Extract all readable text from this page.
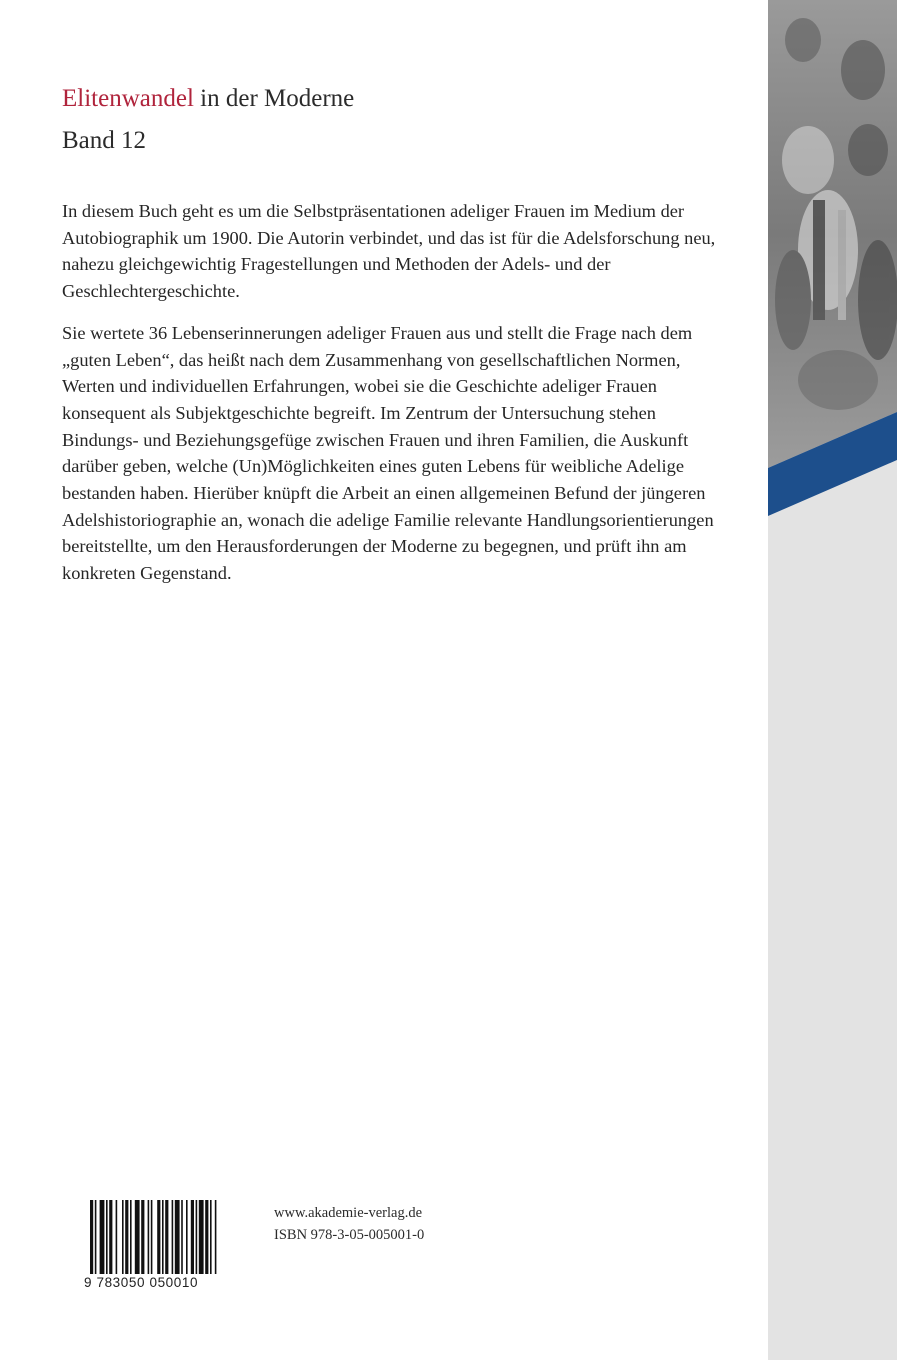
Elitenwandel in der Moderne
Band 12

In diesem Buch geht es um die Selbstpräsentationen adeliger Frauen im Medium der Autobiographik um 1900. Die Autorin verbindet, und das ist für die Adelsforschung neu, nahezu gleichgewichtig Fragestellungen und Methoden der Adels- und der Geschlechtergeschichte.

Sie wertete 36 Lebenserinnerungen adeliger Frauen aus und stellt die Frage nach dem „guten Leben“, das heißt nach dem Zusammenhang von gesellschaftlichen Normen, Werten und individuellen Erfahrungen, wobei sie die Geschichte adeliger Frauen konsequent als Subjektgeschichte begreift. Im Zentrum der Untersuchung stehen Bindungs- und Beziehungsgefüge zwischen Frauen und ihren Familien, die Auskunft darüber geben, welche (Un)Möglichkeiten eines guten Lebens für weibliche Adelige bestanden haben. Hierüber knüpft die Arbeit an einen allgemeinen Befund der jüngeren Adelshistoriographie an, wonach die adelige Familie relevante Handlungsorientierungen bereitstellte, um den Herausforderungen der Moderne zu begegnen, und prüft ihn am konkreten Gegenstand.

9 783050 050010
www.akademie-verlag.de
ISBN 978-3-05-005001-0
